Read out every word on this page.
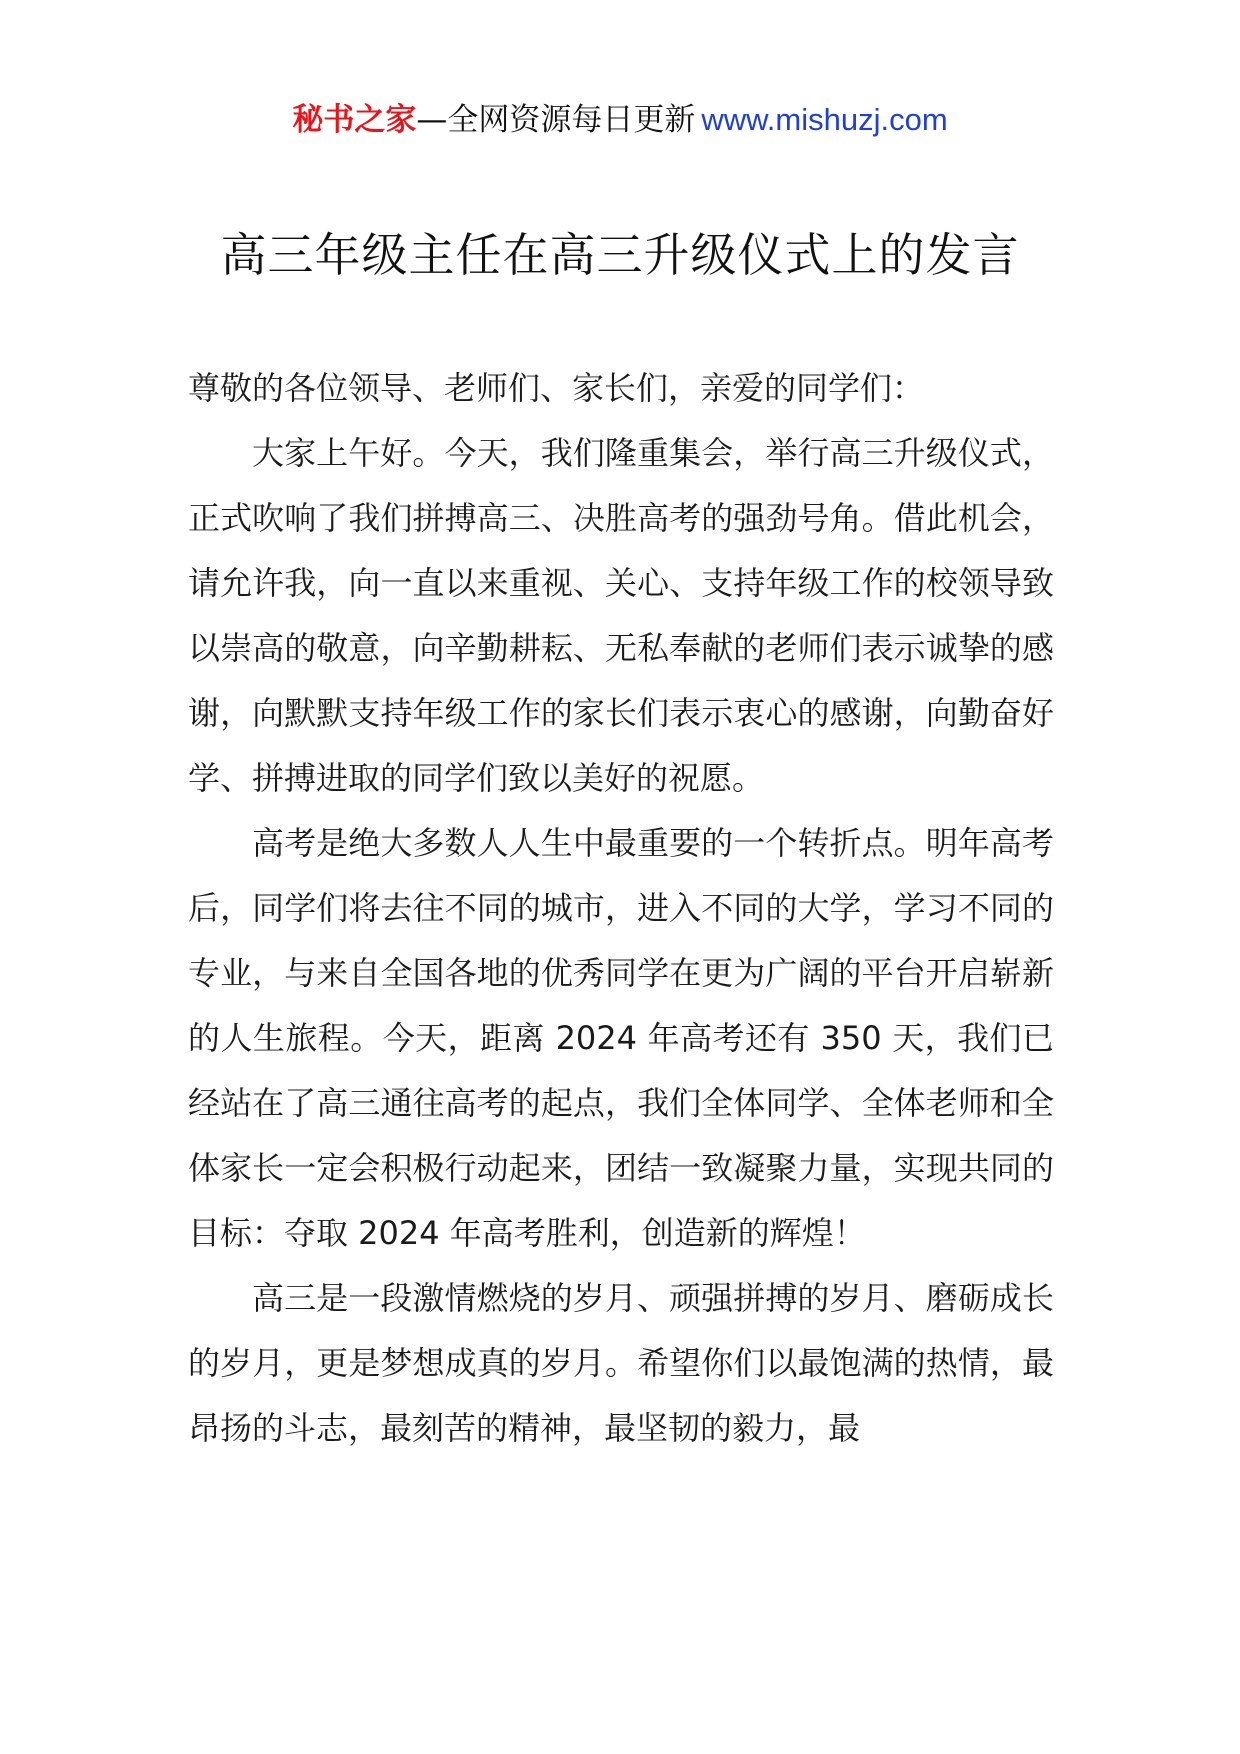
秘书之家—全网资源每日更新 www.mishuzj.com
高三年级主任在高三升级仪式上的发言

尊敬的各位领导、老师们、家长们，亲爱的同学们：

大家上午好。今天，我们隆重集会，举行高三升级仪式，正式吹响了我们拼搏高三、决胜高考的强劲号角。借此机会，请允许我，向一直以来重视、关心、支持年级工作的校领导致以崇高的敬意，向辛勤耕耘、无私奉献的老师们表示诚挚的感谢，向默默支持年级工作的家长们表示衷心的感谢，向勤奋好学、拼搏进取的同学们致以美好的祝愿。

高考是绝大多数人人生中最重要的一个转折点。明年高考后，同学们将去往不同的城市，进入不同的大学，学习不同的专业，与来自全国各地的优秀同学在更为广阔的平台开启崭新的人生旅程。今天，距离 2024 年高考还有 350 天，我们已经站在了高三通往高考的起点，我们全体同学、全体老师和全体家长一定会积极行动起来，团结一致凝聚力量，实现共同的目标：夺取 2024 年高考胜利，创造新的辉煌！

高三是一段激情燃烧的岁月、顽强拼搏的岁月、磨砺成长的岁月，更是梦想成真的岁月。希望你们以最饱满的热情，最昂扬的斗志，最刻苦的精神，最坚韧的毅力，最
